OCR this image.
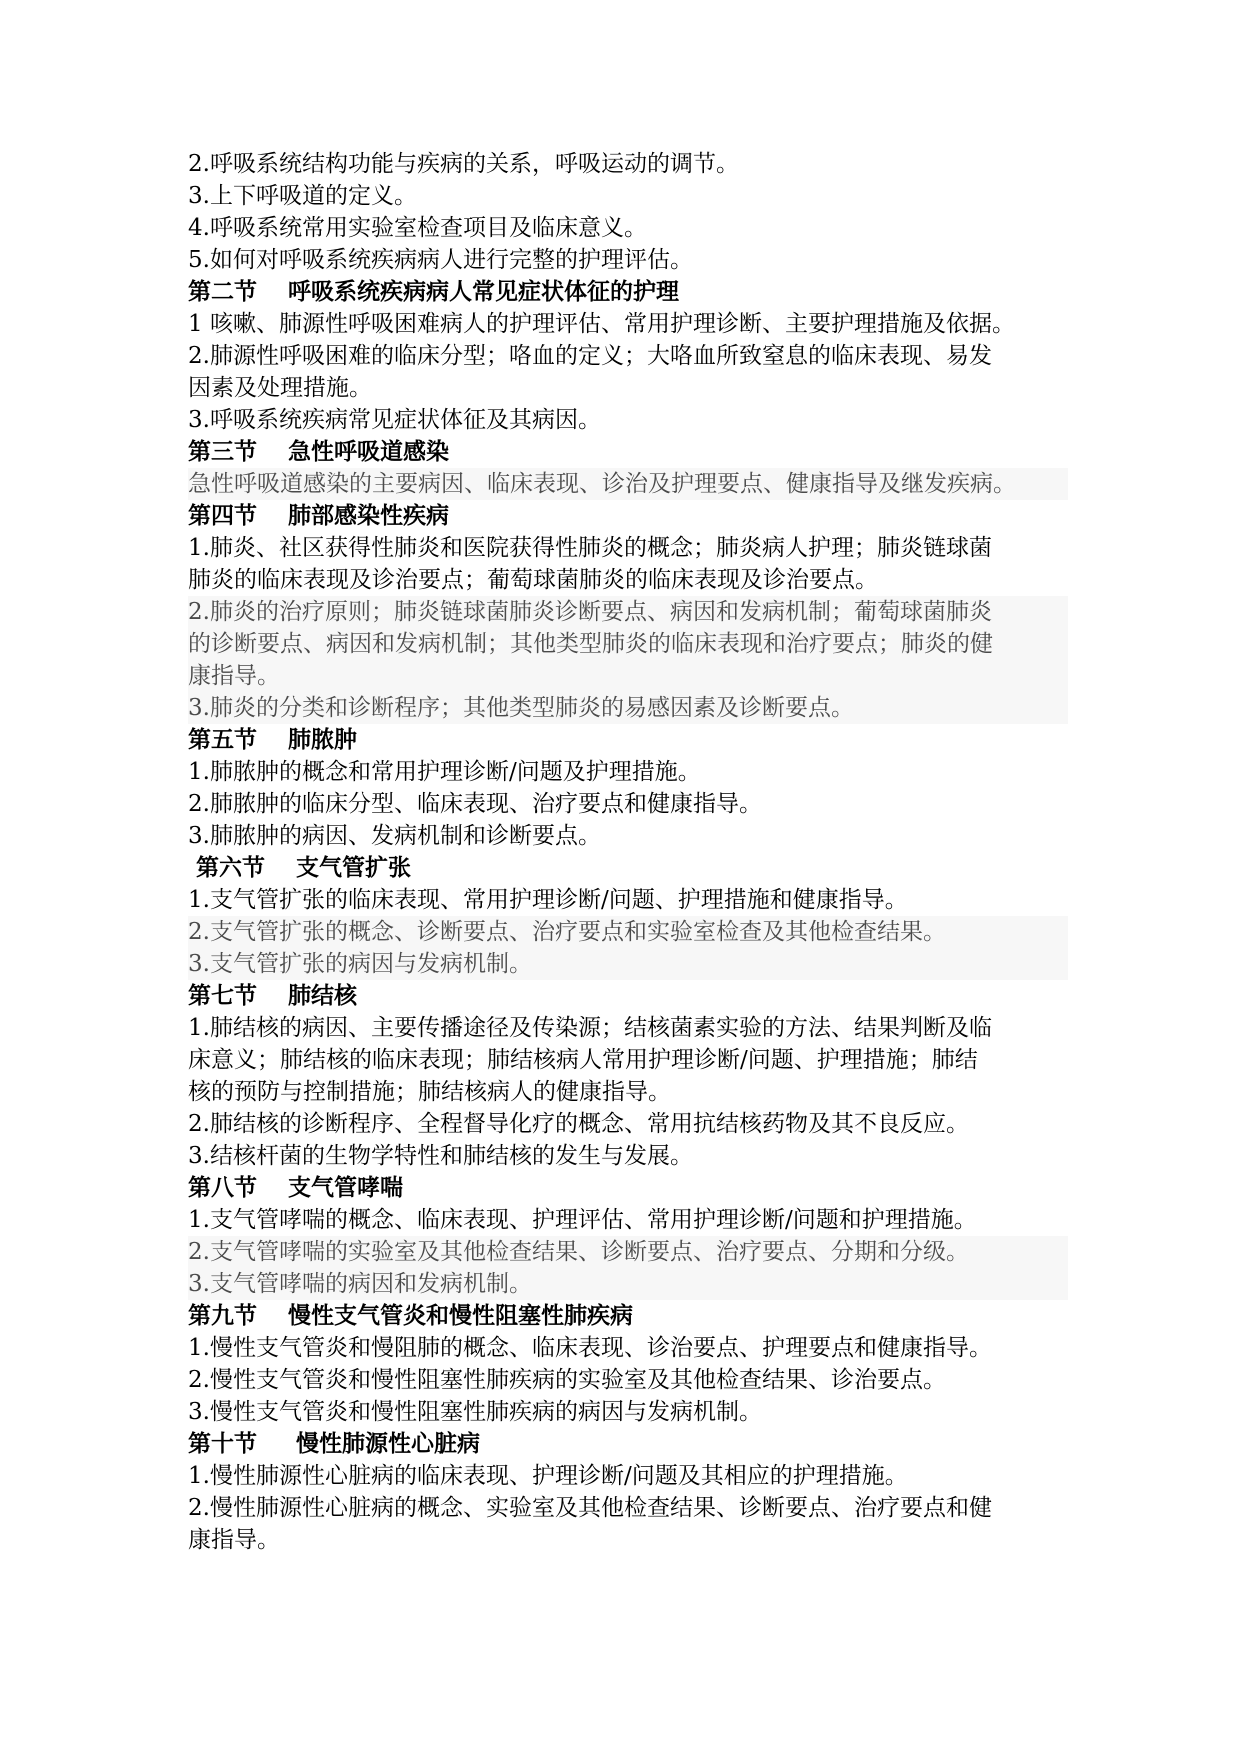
2.呼吸系统结构功能与疾病的关系，呼吸运动的调节。
3.上下呼吸道的定义。
4.呼吸系统常用实验室检查项目及临床意义。
5.如何对呼吸系统疾病病人进行完整的护理评估。
第二节　 呼吸系统疾病病人常见症状体征的护理
1 咳嗽、肺源性呼吸困难病人的护理评估、常用护理诊断、主要护理措施及依据。
2.肺源性呼吸困难的临床分型；咯血的定义；大咯血所致窒息的临床表现、易发
因素及处理措施。
3.呼吸系统疾病常见症状体征及其病因。
第三节　 急性呼吸道感染
急性呼吸道感染的主要病因、临床表现、诊治及护理要点、健康指导及继发疾病。
第四节　 肺部感染性疾病
1.肺炎、社区获得性肺炎和医院获得性肺炎的概念；肺炎病人护理；肺炎链球菌
肺炎的临床表现及诊治要点；葡萄球菌肺炎的临床表现及诊治要点。
2.肺炎的治疗原则；肺炎链球菌肺炎诊断要点、病因和发病机制；葡萄球菌肺炎
的诊断要点、病因和发病机制；其他类型肺炎的临床表现和治疗要点；肺炎的健
康指导。
3.肺炎的分类和诊断程序；其他类型肺炎的易感因素及诊断要点。
第五节　 肺脓肿
1.肺脓肿的概念和常用护理诊断/问题及护理措施。
2.肺脓肿的临床分型、临床表现、治疗要点和健康指导。
3.肺脓肿的病因、发病机制和诊断要点。
第六节　 支气管扩张
1.支气管扩张的临床表现、常用护理诊断/问题、护理措施和健康指导。
2.支气管扩张的概念、诊断要点、治疗要点和实验室检查及其他检查结果。
3.支气管扩张的病因与发病机制。
第七节　 肺结核
1.肺结核的病因、主要传播途径及传染源；结核菌素实验的方法、结果判断及临
床意义；肺结核的临床表现；肺结核病人常用护理诊断/问题、护理措施；肺结
核的预防与控制措施；肺结核病人的健康指导。
2.肺结核的诊断程序、全程督导化疗的概念、常用抗结核药物及其不良反应。
3.结核杆菌的生物学特性和肺结核的发生与发展。
第八节　 支气管哮喘
1.支气管哮喘的概念、临床表现、护理评估、常用护理诊断/问题和护理措施。
2.支气管哮喘的实验室及其他检查结果、诊断要点、治疗要点、分期和分级。
3.支气管哮喘的病因和发病机制。
第九节　 慢性支气管炎和慢性阻塞性肺疾病
1.慢性支气管炎和慢阻肺的概念、临床表现、诊治要点、护理要点和健康指导。
2.慢性支气管炎和慢性阻塞性肺疾病的实验室及其他检查结果、诊治要点。
3.慢性支气管炎和慢性阻塞性肺疾病的病因与发病机制。
第十节　  慢性肺源性心脏病
1.慢性肺源性心脏病的临床表现、护理诊断/问题及其相应的护理措施。
2.慢性肺源性心脏病的概念、实验室及其他检查结果、诊断要点、治疗要点和健
康指导。
